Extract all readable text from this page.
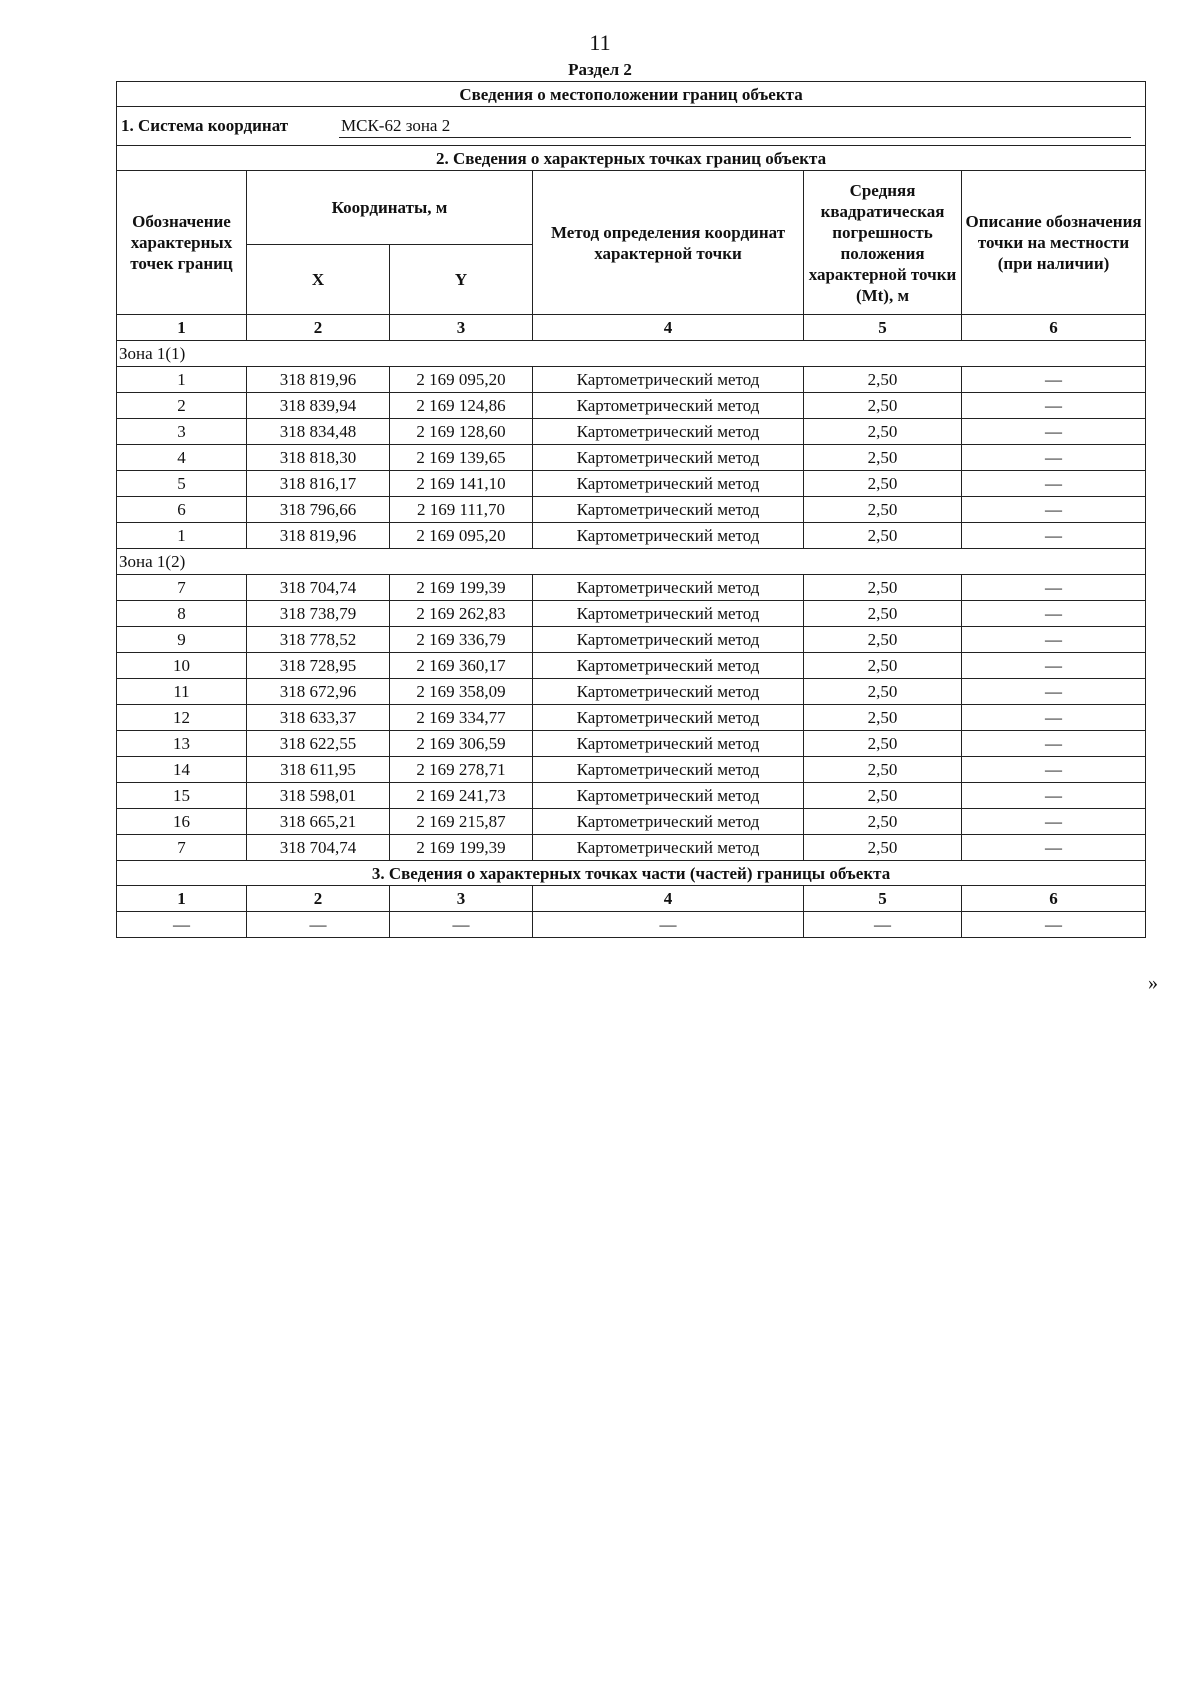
11
Раздел 2
Сведения о местоположении границ объекта					
1. Система координат МСК-62 зона 2					
2. Сведения о характерных точках границ объекта					
Обозначение характерных точек границ	Координаты, м		Метод определения координат характерной точки	Средняя квадратическая погрешность положения характерной точки (Mt), м	Описание обозначения точки на местности (при наличии)
	X	Y			
1	2	3	4	5	6
Зона 1(1)					
1	318 819,96	2 169 095,20	Картометрический метод	2,50	—
2	318 839,94	2 169 124,86	Картометрический метод	2,50	—
3	318 834,48	2 169 128,60	Картометрический метод	2,50	—
4	318 818,30	2 169 139,65	Картометрический метод	2,50	—
5	318 816,17	2 169 141,10	Картометрический метод	2,50	—
6	318 796,66	2 169 111,70	Картометрический метод	2,50	—
1	318 819,96	2 169 095,20	Картометрический метод	2,50	—
Зона 1(2)					
7	318 704,74	2 169 199,39	Картометрический метод	2,50	—
8	318 738,79	2 169 262,83	Картометрический метод	2,50	—
9	318 778,52	2 169 336,79	Картометрический метод	2,50	—
10	318 728,95	2 169 360,17	Картометрический метод	2,50	—
11	318 672,96	2 169 358,09	Картометрический метод	2,50	—
12	318 633,37	2 169 334,77	Картометрический метод	2,50	—
13	318 622,55	2 169 306,59	Картометрический метод	2,50	—
14	318 611,95	2 169 278,71	Картометрический метод	2,50	—
15	318 598,01	2 169 241,73	Картометрический метод	2,50	—
16	318 665,21	2 169 215,87	Картометрический метод	2,50	—
7	318 704,74	2 169 199,39	Картометрический метод	2,50	—
3. Сведения о характерных точках части (частей) границы объекта					
1	2	3	4	5	6
—	—	—	—	—	—
»
